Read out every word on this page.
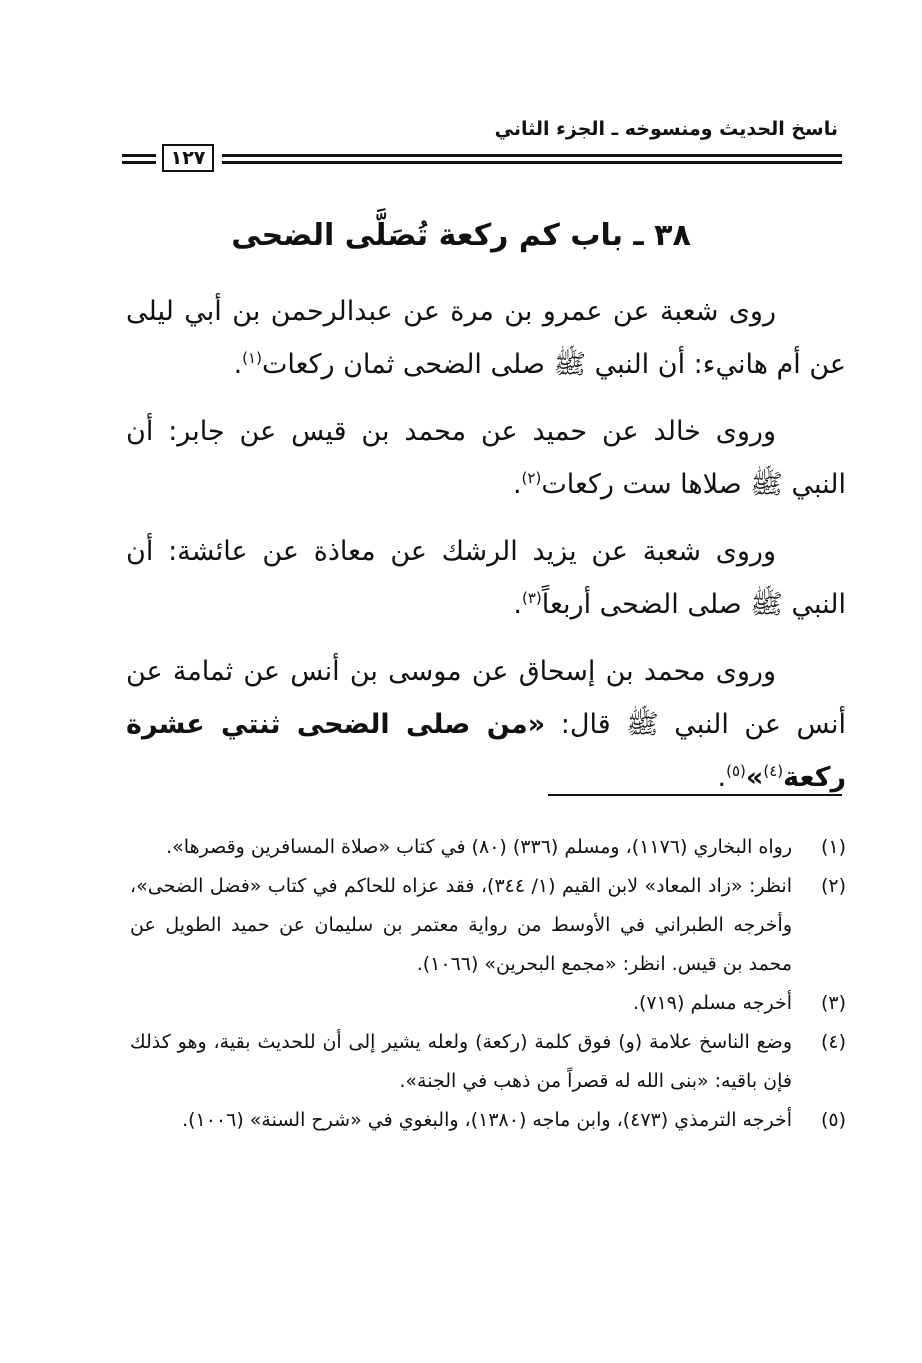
ناسخ الحديث ومنسوخه ـ الجزء الثاني
١٢٧
٣٨ ـ باب كم ركعة تُصَلَّى الضحى

روى شعبة عن عمرو بن مرة عن عبدالرحمن بن أبي ليلى عن أم هانيء: أن النبي ﷺ صلى الضحى ثمان ركعات$^{(١)}$.

وروى خالد عن حميد عن محمد بن قيس عن جابر: أن النبي ﷺ صلاها ست ركعات$^{(٢)}$.

وروى شعبة عن يزيد الرشك عن معاذة عن عائشة: أن النبي ﷺ صلى الضحى أربعاً$^{(٣)}$.

وروى محمد بن إسحاق عن موسى بن أنس عن ثمامة عن أنس عن النبي ﷺ قال: «من صلى الضحى ثنتي عشرة ركعة$^{(٤)}$»$^{(٥)}$.

(١)
رواه البخاري (١١٧٦)، ومسلم (٣٣٦) (٨٠) في كتاب «صلاة المسافرين وقصرها».

(٢)
انظر: «زاد المعاد» لابن القيم (١/ ٣٤٤)، فقد عزاه للحاكم في كتاب «فضل الضحى»، وأخرجه الطبراني في الأوسط من رواية معتمر بن سليمان عن حميد الطويل عن محمد بن قيس. انظر: «مجمع البحرين» (١٠٦٦).

(٣)
أخرجه مسلم (٧١٩).

(٤)
وضع الناسخ علامة (و) فوق كلمة (ركعة) ولعله يشير إلى أن للحديث بقية، وهو كذلك فإن باقيه: «بنى الله له قصراً من ذهب في الجنة».

(٥)
أخرجه الترمذي (٤٧٣)، وابن ماجه (١٣٨٠)، والبغوي في «شرح السنة» (١٠٠٦).
